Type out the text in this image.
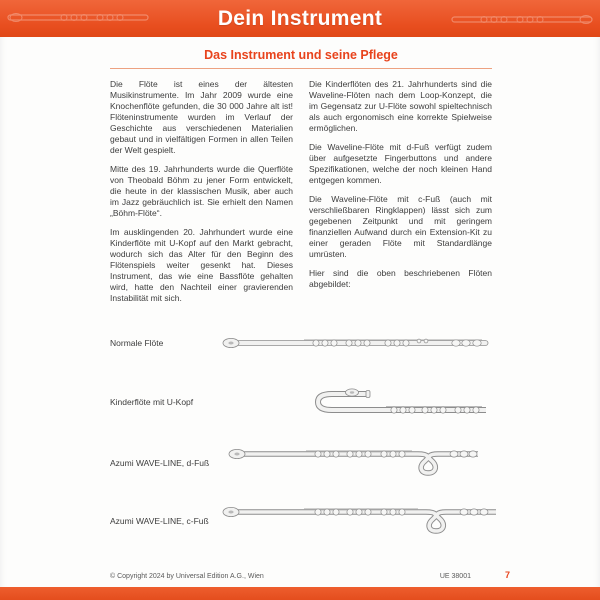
Dein Instrument
Das Instrument und seine Pflege

Die Flöte ist eines der ältesten Musikinstrumente. Im Jahr 2009 wurde eine Knochenflöte gefunden, die 30 000 Jahre alt ist! Flöteninstrumente wurden im Verlauf der Geschichte aus verschiedenen Materialien gebaut und in vielfältigen Formen in allen Teilen der Welt gespielt.

Mitte des 19. Jahrhunderts wurde die Querflöte von Theobald Böhm zu jener Form entwickelt, die heute in der klassischen Musik, aber auch im Jazz gebräuchlich ist. Sie erhielt den Namen „Böhm-Flöte“.

Im ausklingenden 20. Jahrhundert wurde eine Kinderflöte mit U-Kopf auf den Markt gebracht, wodurch sich das Alter für den Beginn des Flötenspiels weiter gesenkt hat. Dieses Instrument, das wie eine Bassflöte gehalten wird, hatte den Nachteil einer gravierenden Instabilität mit sich.

Die Kinderflöten des 21. Jahrhunderts sind die Waveline-Flöten nach dem Loop-Konzept, die im Gegensatz zur U-Flöte sowohl spieltechnisch als auch ergonomisch eine korrekte Spielweise ermöglichen.

Die Waveline-Flöte mit d-Fuß verfügt zudem über aufgesetzte Fingerbuttons und andere Spezifikationen, welche der noch kleinen Hand entgegen kommen.

Die Waveline-Flöte mit c-Fuß (auch mit verschließbaren Ringklappen) lässt sich zum gegebenen Zeitpunkt und mit geringem finanziellen Aufwand durch ein Extension-Kit zu einer geraden Flöte mit Standardlänge umrüsten.

Hier sind die oben beschriebenen Flöten abgebildet:

Normale Flöte
Kinderflöte mit U-Kopf
Azumi WAVE-LINE, d-Fuß
Azumi WAVE-LINE, c-Fuß
© Copyright 2024 by Universal Edition A.G., Wien	UE 38001	7
